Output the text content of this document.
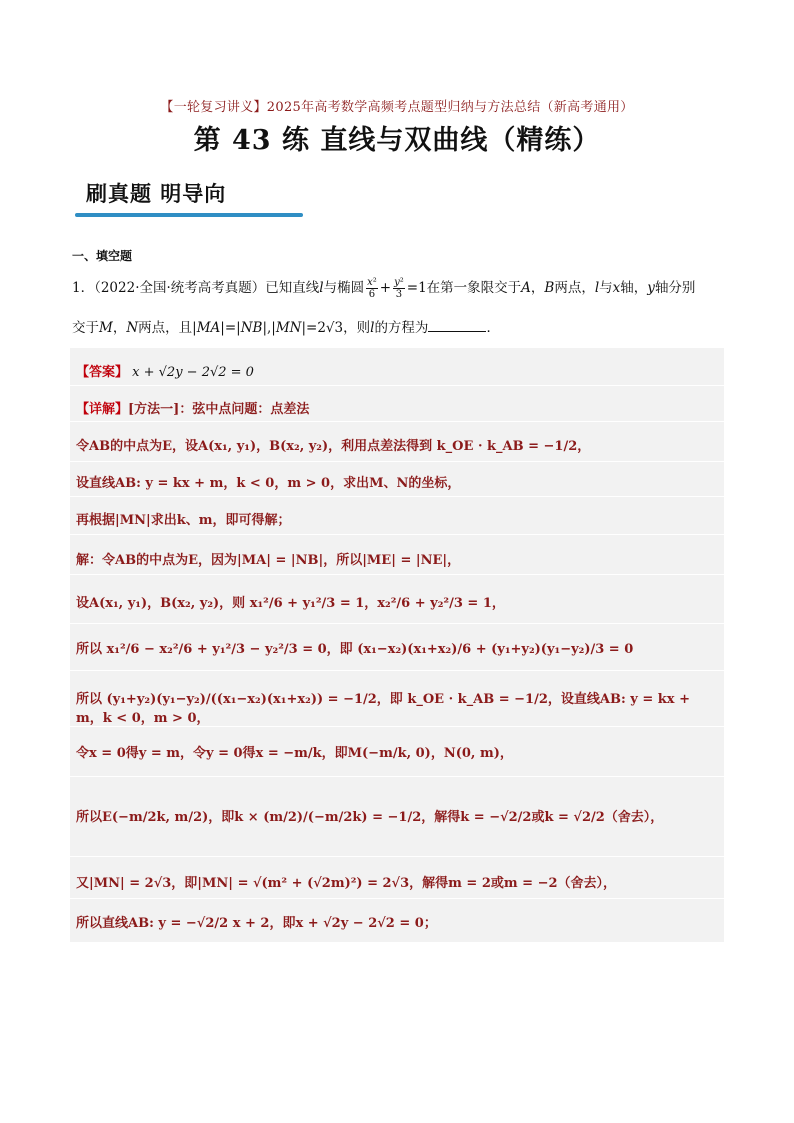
【一轮复习讲义】2025年高考数学高频考点题型归纳与方法总结（新高考通用）
第 43 练 直线与双曲线（精练）
刷真题 明导向
一、填空题
1．（2022·全国·统考高考真题）已知直线l与椭圆 $\frac{\text{x²}}{6} + \frac{\text{y²}}{3} =1$在第一象限交于A，B两点，l与x轴，y轴分别
交于M，N两点，且|MA|=|NB|,|MN|=2√3，则l的方程为	．
【答案】 x + √2y − 2√2 = 0
【详解】[方法一]：弦中点问题：点差法
令AB的中点为E，设A(x₁, y₁)，B(x₂, y₂)，利用点差法得到 k_OE · k_AB = −1/2，
设直线AB: y = kx + m，k < 0，m > 0，求出M、N的坐标，
再根据|MN|求出k、m，即可得解；
解：令AB的中点为E，因为|MA| = |NB|，所以|ME| = |NE|，
设A(x₁, y₁)，B(x₂, y₂)，则 x₁²/6 + y₁²/3 = 1，x₂²/6 + y₂²/3 = 1，
所以 x₁²/6 − x₂²/6 + y₁²/3 − y₂²/3 = 0，即 (x₁−x₂)(x₁+x₂)/6 + (y₁+y₂)(y₁−y₂)/3 = 0
所以 (y₁+y₂)(y₁−y₂)/((x₁−x₂)(x₁+x₂)) = −1/2，即 k_OE · k_AB = −1/2，设直线AB: y = kx + m，k < 0，m > 0，
令x = 0得y = m，令y = 0得x = −m/k，即M(−m/k, 0)，N(0, m)，
所以E(−m/2k, m/2)，即k × (m/2)/(−m/2k) = −1/2，解得k = −√2/2或k = √2/2（舍去），
又|MN| = 2√3，即|MN| = √(m² + (√2m)²) = 2√3，解得m = 2或m = −2（舍去），
所以直线AB: y = −√2/2 x + 2，即x + √2y − 2√2 = 0；
